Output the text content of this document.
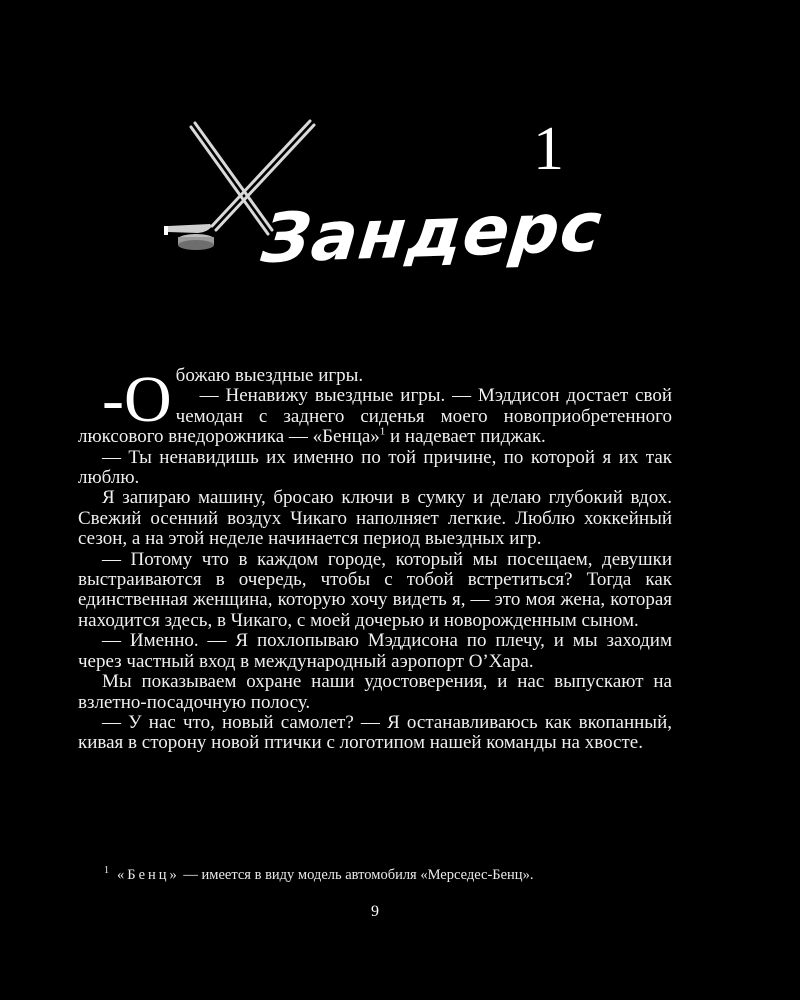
1
Зандерс

-О божаю выездные игры.

— Ненавижу выездные игры. — Мэддисон достает свой чемодан с заднего сиденья моего новоприобретенного люксового внедорожника — «Бенца»$^1$ и надевает пиджак.

— Ты ненавидишь их именно по той причине, по которой я их так люблю.

Я запираю машину, бросаю ключи в сумку и делаю глубокий вдох. Свежий осенний воздух Чикаго наполняет легкие. Люблю хоккейный сезон, а на этой неделе начинается период выездных игр.

— Потому что в каждом городе, который мы посещаем, девушки выстраиваются в очередь, чтобы с тобой встретиться? Тогда как единственная женщина, которую хочу видеть я, — это моя жена, которая находится здесь, в Чикаго, с моей дочерью и новорожденным сыном.

— Именно. — Я похлопываю Мэддисона по плечу, и мы заходим через частный вход в международный аэропорт О’Хара.

Мы показываем охране наши удостоверения, и нас выпускают на взлетно-посадочную полосу.

— У нас что, новый самолет? — Я останавливаюсь как вкопанный, кивая в сторону новой птички с логотипом нашей команды на хвосте.

$^1$ «Бенц» — имеется в виду модель автомобиля «Мерседес-Бенц».
9
